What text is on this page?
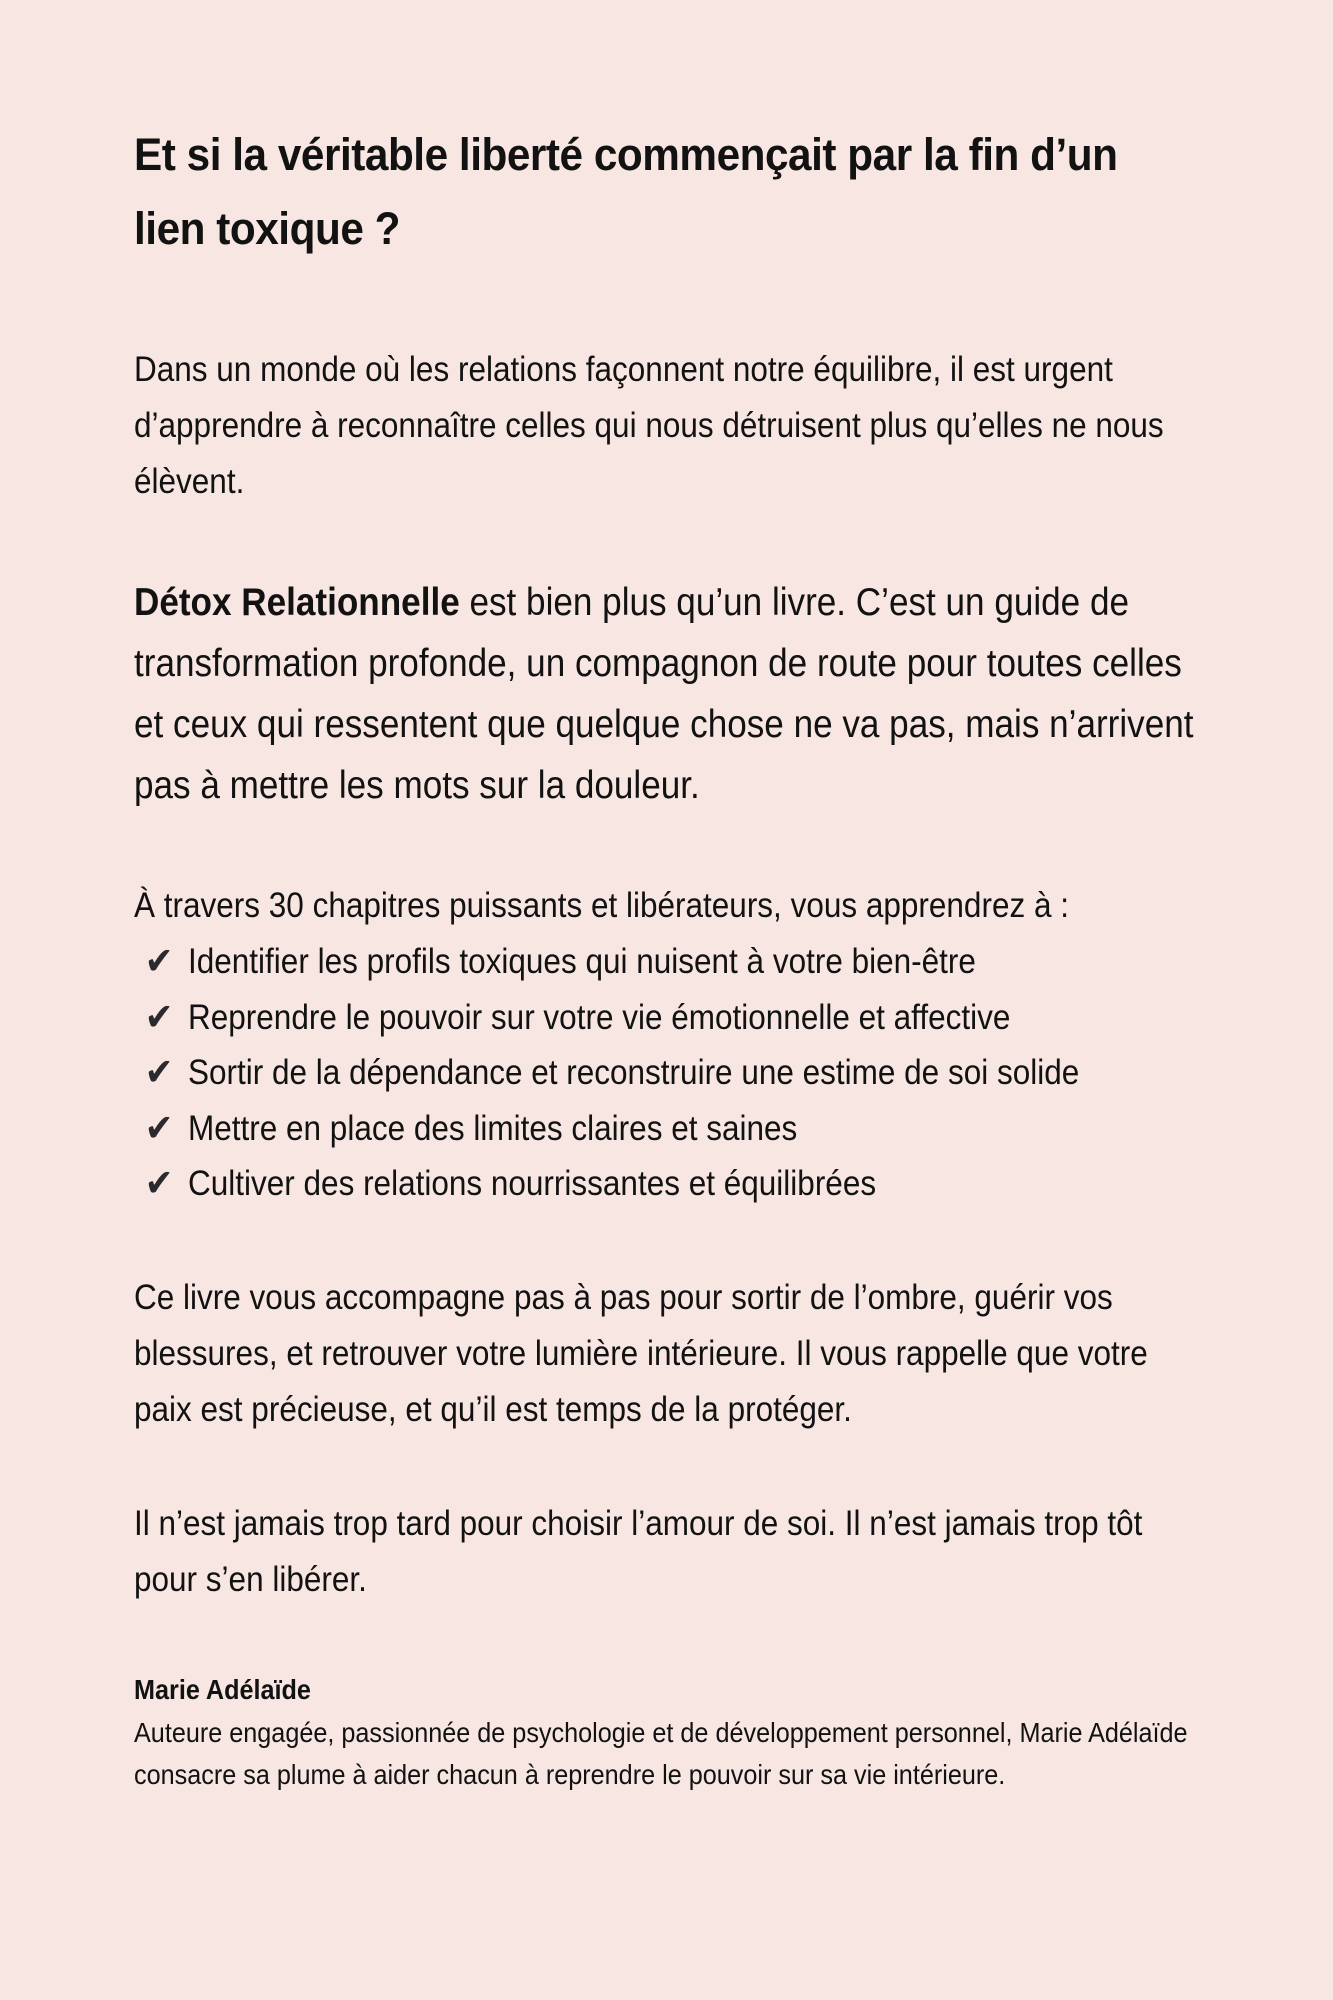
Et si la véritable liberté commençait par la fin d’un lien toxique ?

Dans un monde où les relations façonnent notre équilibre, il est urgent d’apprendre à reconnaître celles qui nous détruisent plus qu’elles ne nous élèvent.

Détox Relationnelle est bien plus qu’un livre. C’est un guide de transformation profonde, un compagnon de route pour toutes celles et ceux qui ressentent que quelque chose ne va pas, mais n’arrivent pas à mettre les mots sur la douleur.

À travers 30 chapitres puissants et libérateurs, vous apprendrez à :

✔ Identifier les profils toxiques qui nuisent à votre bien-être
✔ Reprendre le pouvoir sur votre vie émotionnelle et affective
✔ Sortir de la dépendance et reconstruire une estime de soi solide
✔ Mettre en place des limites claires et saines
✔ Cultiver des relations nourrissantes et équilibrées

Ce livre vous accompagne pas à pas pour sortir de l’ombre, guérir vos blessures, et retrouver votre lumière intérieure. Il vous rappelle que votre paix est précieuse, et qu’il est temps de la protéger.

Il n’est jamais trop tard pour choisir l’amour de soi. Il n’est jamais trop tôt pour s’en libérer.

Marie Adélaïde

Auteure engagée, passionnée de psychologie et de développement personnel, Marie Adélaïde consacre sa plume à aider chacun à reprendre le pouvoir sur sa vie intérieure.
